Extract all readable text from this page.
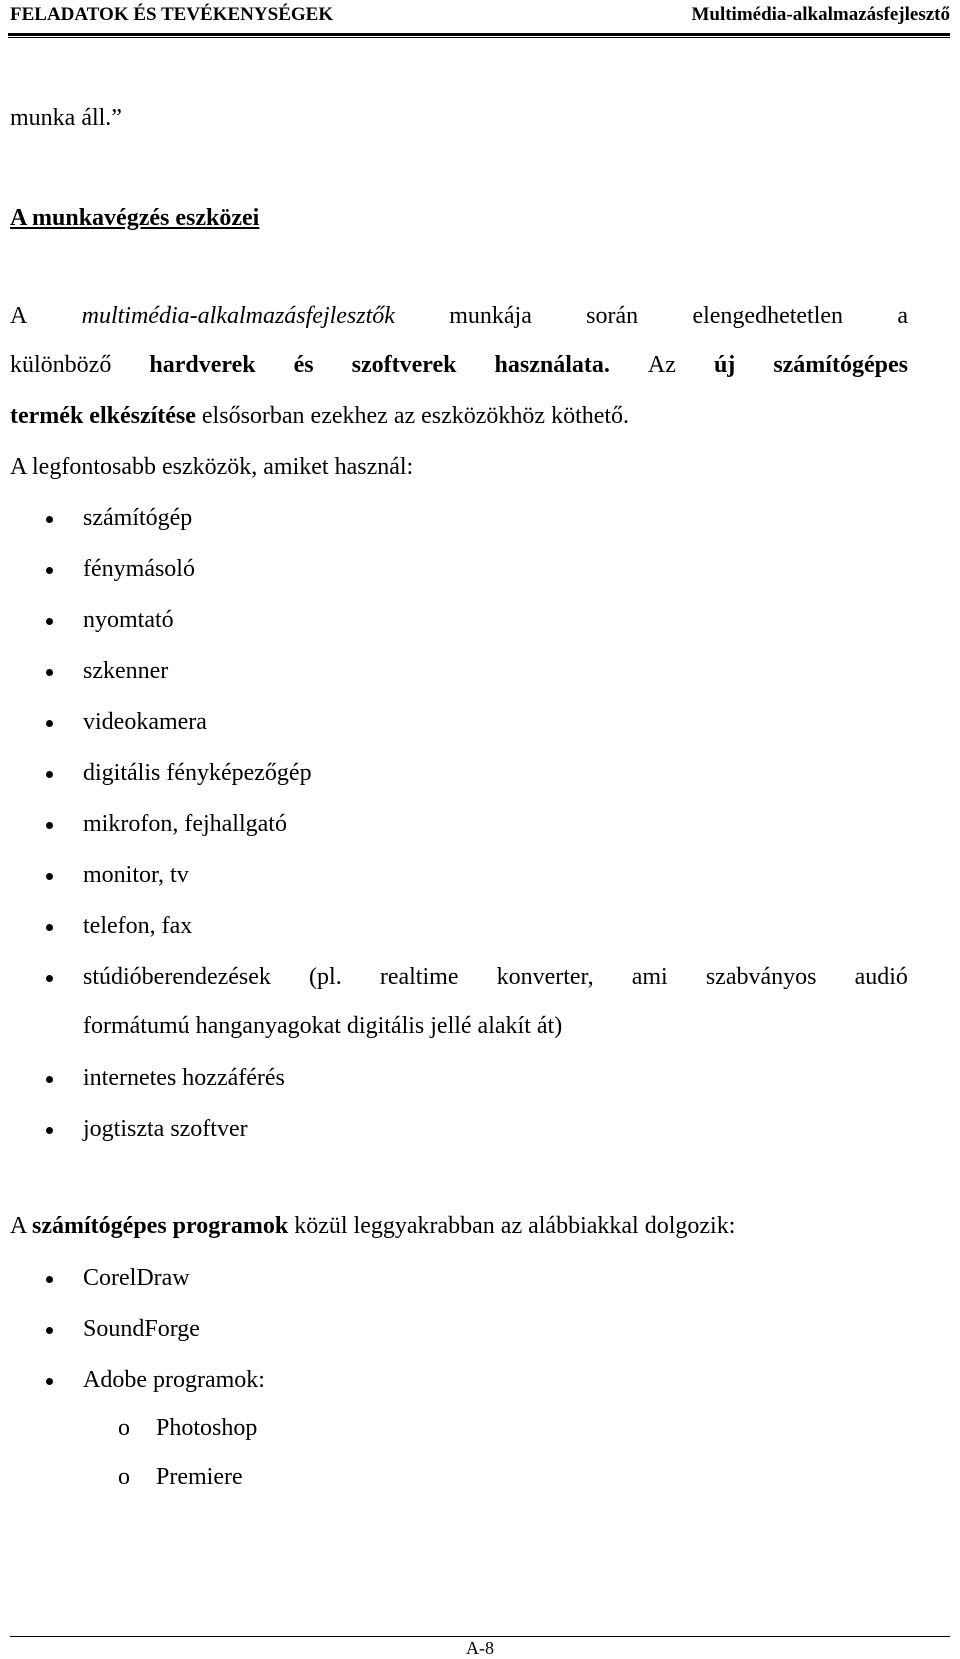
FELADATOK ÉS TEVÉKENYSÉGEK	Multimédia-alkalmazásfejlesztő
munka áll.”
A munkavégzés eszközei
A multimédia-alkalmazásfejlesztők munkája során elengedhetetlen a
különböző hardverek és szoftverek használata. Az új számítógépes
termék elkészítése elsősorban ezekhez az eszközökhöz köthető.
A legfontosabb eszközök, amiket használ:
számítógép
fénymásoló
nyomtató
szkenner
videokamera
digitális fényképezőgép
mikrofon, fejhallgató
monitor, tv
telefon, fax
stúdióberendezések (pl. realtime konverter, ami szabványos audió
formátumú hanganyagokat digitális jellé alakít át)
internetes hozzáférés
jogtiszta szoftver
A számítógépes programok közül leggyakrabban az alábbiakkal dolgozik:
CorelDraw
SoundForge
Adobe programok:
o Photoshop
o Premiere
A-8
